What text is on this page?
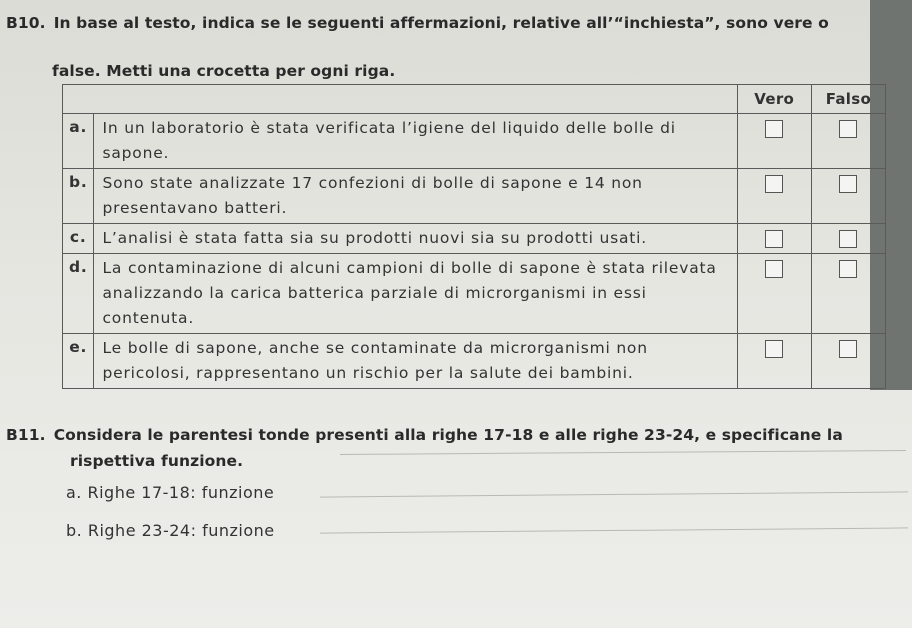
B10. In base al testo, indica se le seguenti affermazioni, relative all’“inchiesta”, sono vere o
false. Metti una crocetta per ogni riga.
		Vero	Falso
a.	In un laboratorio è stata verificata l’igiene del liquido delle bolle di sapone.		
b.	Sono state analizzate 17 confezioni di bolle di sapone e 14 non presentavano batteri.		
c.	L’analisi è stata fatta sia su prodotti nuovi sia su prodotti usati.		
d.	La contaminazione di alcuni campioni di bolle di sapone è stata rilevata analizzando la carica batterica parziale di microrganismi in essi contenuta.		
e.	Le bolle di sapone, anche se contaminate da microrganismi non pericolosi, rappresentano un rischio per la salute dei bambini.		
B11. Considera le parentesi tonde presenti alla righe 17-18 e alle righe 23-24, e specificane la
rispettiva funzione.
a. Righe 17-18: funzione
b. Righe 23-24: funzione
